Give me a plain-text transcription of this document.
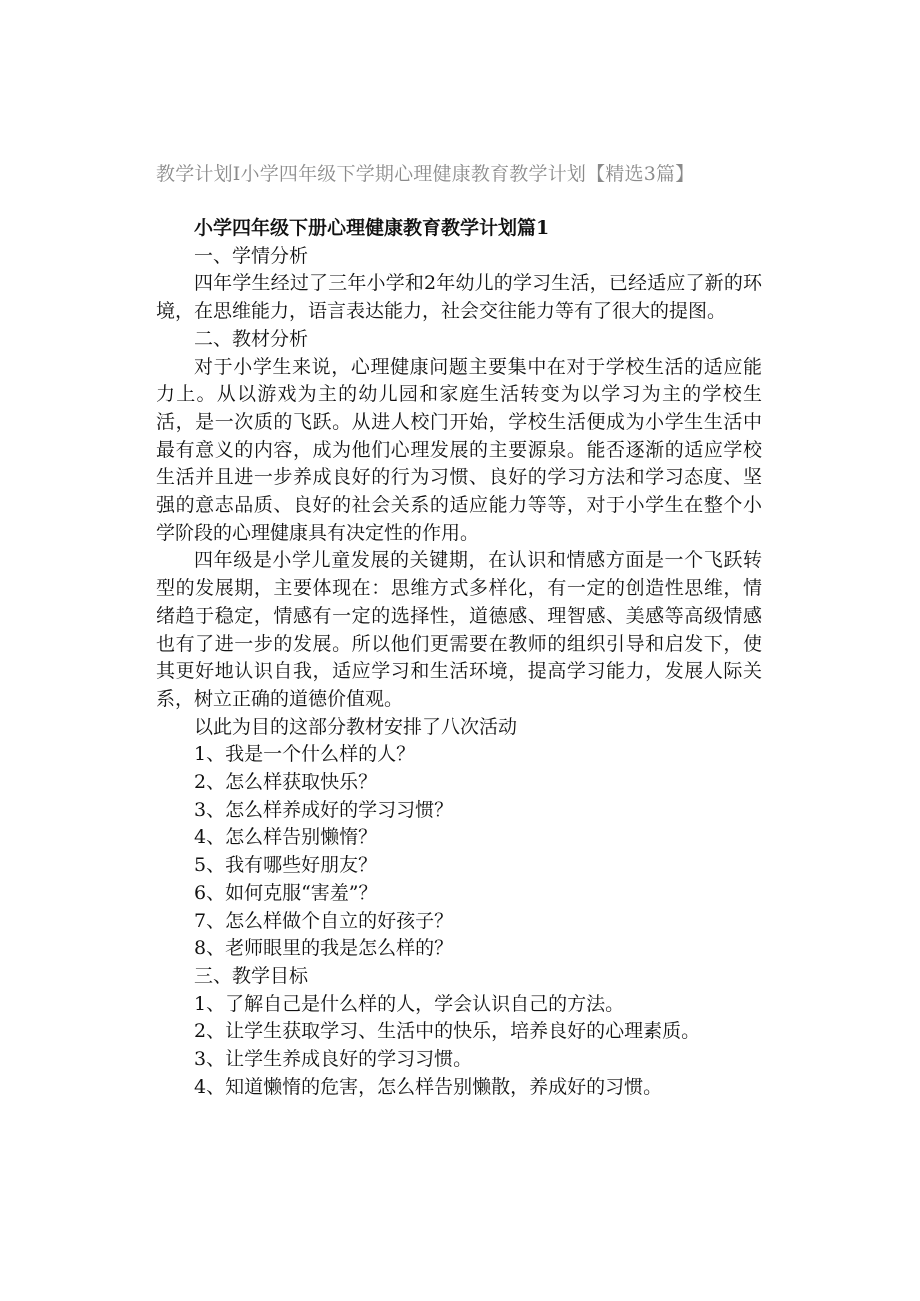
教学计划I小学四年级下学期心理健康教育教学计划【精选3篇】

小学四年级下册心理健康教育教学计划篇1

一、学情分析

四年学生经过了三年小学和2年幼儿的学习生活，已经适应了新的环境，在思维能力，语言表达能力，社会交往能力等有了很大的提图。

二、教材分析

对于小学生来说，心理健康问题主要集中在对于学校生活的适应能力上。从以游戏为主的幼儿园和家庭生活转变为以学习为主的学校生活，是一次质的飞跃。从进人校门开始，学校生活便成为小学生生活中最有意义的内容，成为他们心理发展的主要源泉。能否逐渐的适应学校生活并且进一步养成良好的行为习惯、良好的学习方法和学习态度、坚强的意志品质、良好的社会关系的适应能力等等，对于小学生在整个小学阶段的心理健康具有决定性的作用。

四年级是小学儿童发展的关键期，在认识和情感方面是一个飞跃转型的发展期，主要体现在：思维方式多样化，有一定的创造性思维，情绪趋于稳定，情感有一定的选择性，道德感、理智感、美感等高级情感也有了进一步的发展。所以他们更需要在教师的组织引导和启发下，使其更好地认识自我，适应学习和生活环境，提高学习能力，发展人际关系，树立正确的道德价值观。

以此为目的这部分教材安排了八次活动

1、我是一个什么样的人？

2、怎么样获取快乐？

3、怎么样养成好的学习习惯？

4、怎么样告别懒惰？

5、我有哪些好朋友？

6、如何克服“害羞”？

7、怎么样做个自立的好孩子？

8、老师眼里的我是怎么样的？

三、教学目标

1、了解自己是什么样的人，学会认识自己的方法。

2、让学生获取学习、生活中的快乐，培养良好的心理素质。

3、让学生养成良好的学习习惯。

4、知道懒惰的危害，怎么样告别懒散，养成好的习惯。
